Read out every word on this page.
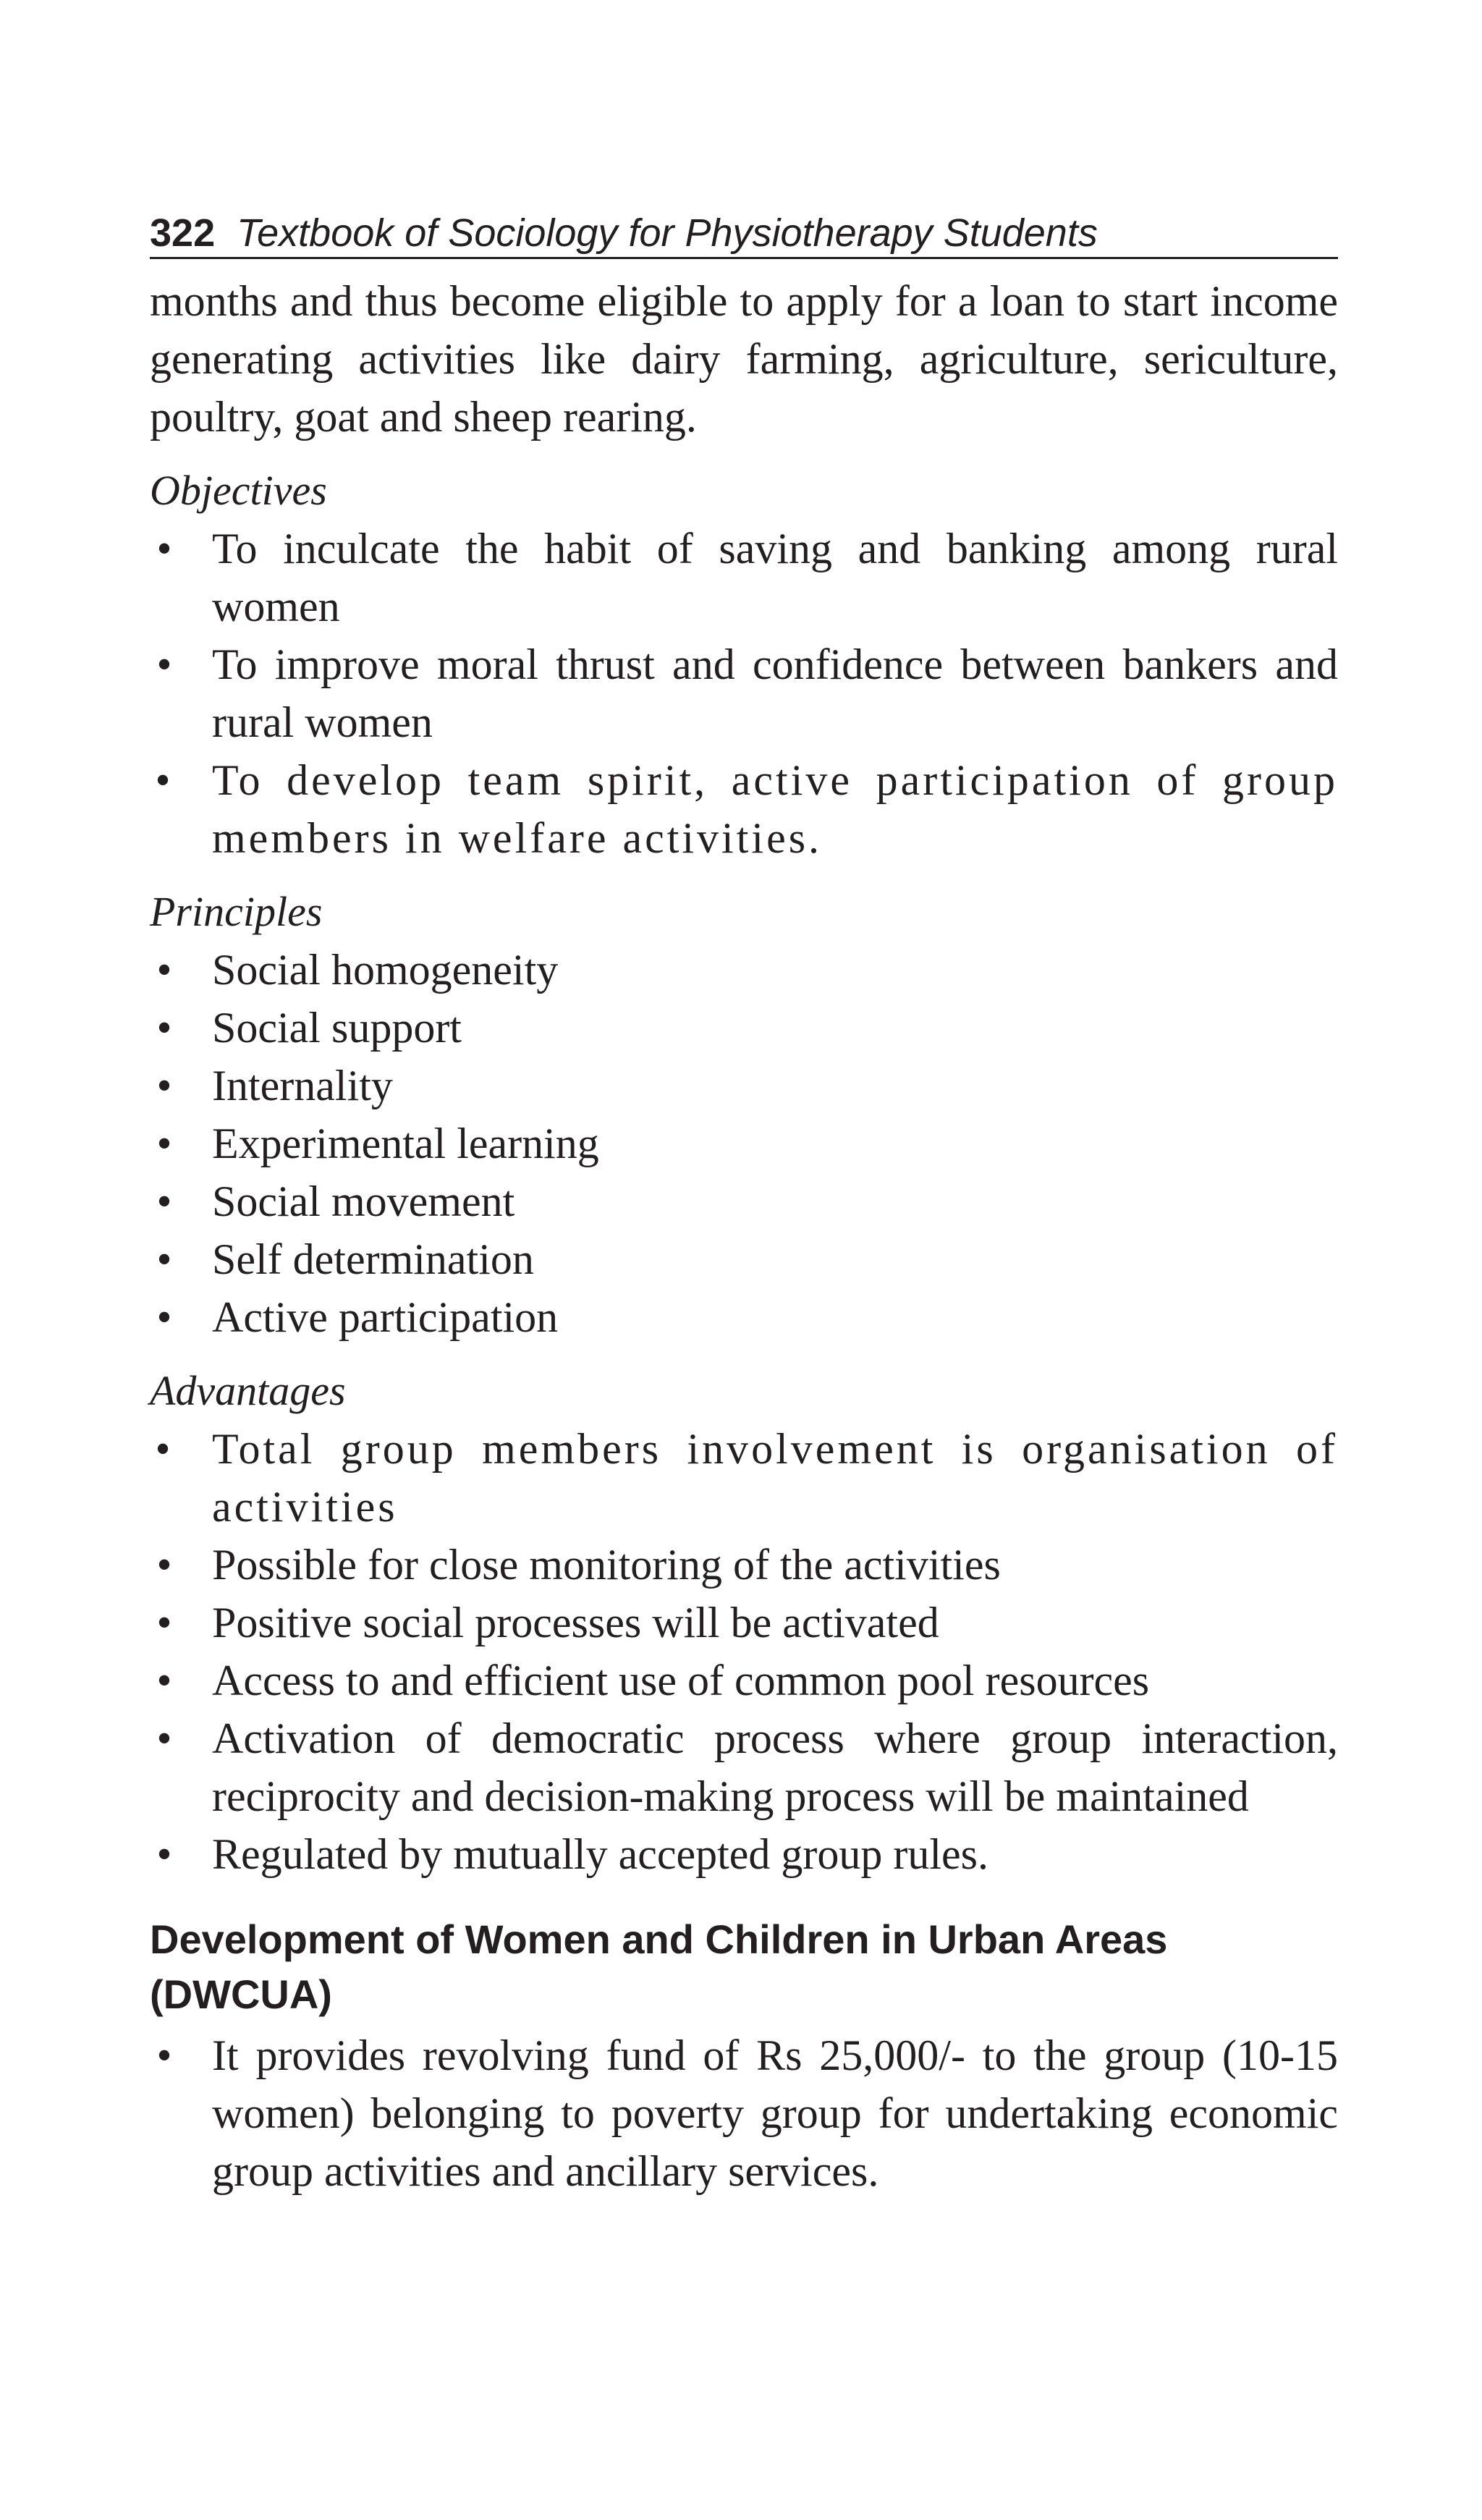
322 Textbook of Sociology for Physiotherapy Students

months and thus become eligible to apply for a loan to start income generating activities like dairy farming, agriculture, sericulture, poultry, goat and sheep rearing.

Objectives
• To inculcate the habit of saving and banking among rural women
• To improve moral thrust and confidence between bankers and rural women
• To develop team spirit, active participation of group members in welfare activities.
Principles
• Social homogeneity
• Social support
• Internality
• Experimental learning
• Social movement
• Self determination
• Active participation
Advantages
• Total group members involvement is organisation of activities
• Possible for close monitoring of the activities
• Positive social processes will be activated
• Access to and efficient use of common pool resources
• Activation of democratic process where group interaction, reciprocity and decision-making process will be maintained
• Regulated by mutually accepted group rules.
Development of Women and Children in Urban Areas (DWCUA)
• It provides revolving fund of Rs 25,000/- to the group (10-15 women) belonging to poverty group for undertaking economic group activities and ancillary services.
